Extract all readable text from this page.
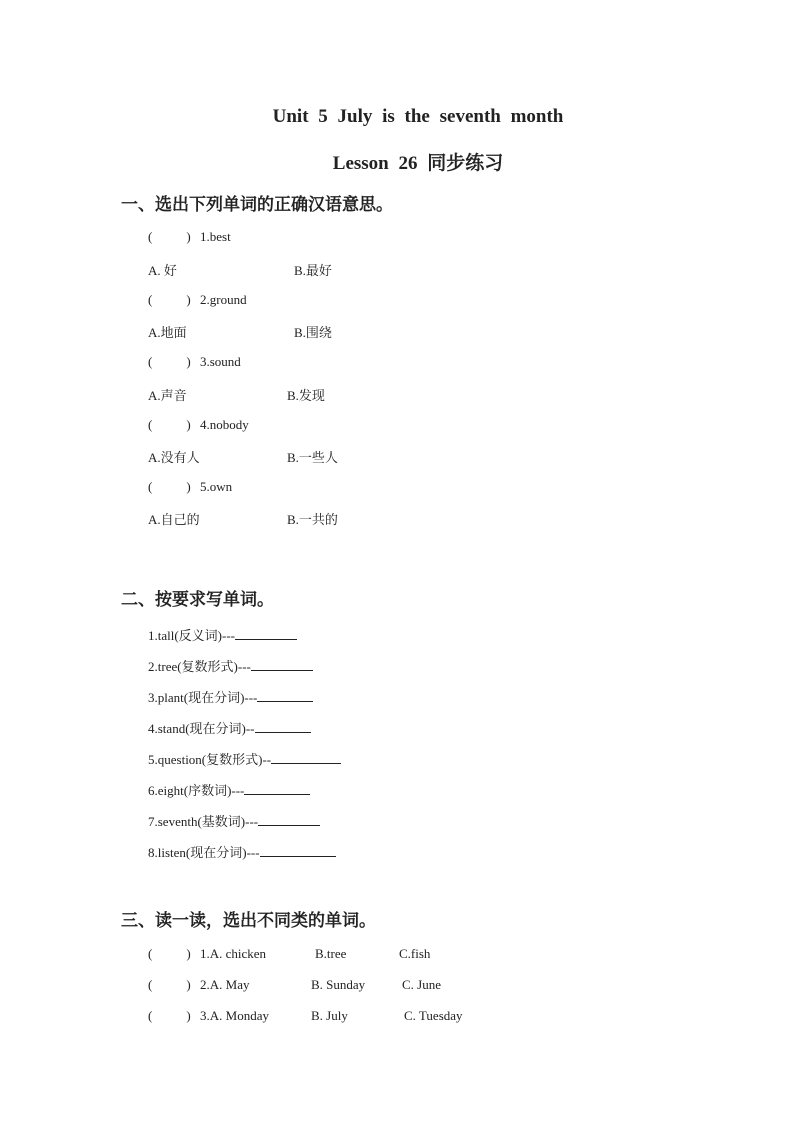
Unit 5 July is the seventh month
Lesson 26 同步练习
一、选出下列单词的正确汉语意思。
(	) 1.best
A. 好	B.最好
(	) 2.ground
A.地面	B.围绕
(	) 3.sound
A.声音	B.发现
(	) 4.nobody
A.没有人	B.一些人
(	) 5.own
A.自己的	B.一共的
二、按要求写单词。
1.tall(反义词)---
2.tree(复数形式)---
3.plant(现在分词)---
4.stand(现在分词)--
5.question(复数形式)--
6.eight(序数词)---
7.seventh(基数词)---
8.listen(现在分词)---
三、读一读，选出不同类的单词。
(	) 1.A. chicken	B.tree	C.fish
(	) 2.A. May	B. Sunday	C. June
(	) 3.A. Monday	B. July	C. Tuesday
